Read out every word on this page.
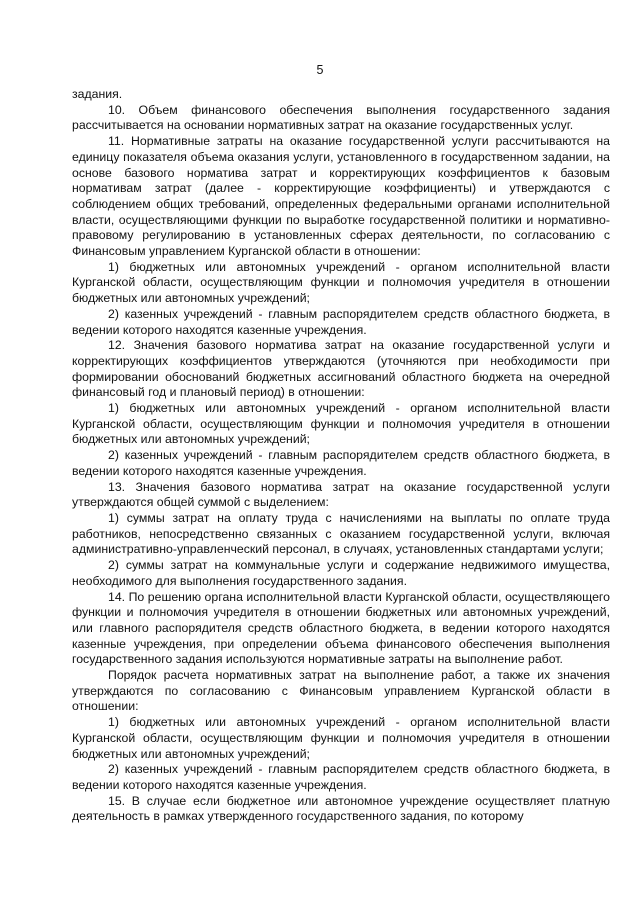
5

задания.

10. Объем финансового обеспечения выполнения государственного задания рассчитывается на основании нормативных затрат на оказание государственных услуг.

11. Нормативные затраты на оказание государственной услуги рассчитываются на единицу показателя объема оказания услуги, установленного в государственном задании, на основе базового норматива затрат и корректирующих коэффициентов к базовым нормативам затрат (далее - корректирующие коэффициенты) и утверждаются с соблюдением общих требований, определенных федеральными органами исполнительной власти, осуществляющими функции по выработке государственной политики и нормативно-правовому регулированию в установленных сферах деятельности, по согласованию с Финансовым управлением Курганской области в отношении:

1) бюджетных или автономных учреждений - органом исполнительной власти Курганской области, осуществляющим функции и полномочия учредителя в отношении бюджетных или автономных учреждений;

2) казенных учреждений - главным распорядителем средств областного бюджета, в ведении которого находятся казенные учреждения.

12. Значения базового норматива затрат на оказание государственной услуги и корректирующих коэффициентов утверждаются (уточняются при необходимости при формировании обоснований бюджетных ассигнований областного бюджета на очередной финансовый год и плановый период) в отношении:

1) бюджетных или автономных учреждений - органом исполнительной власти Курганской области, осуществляющим функции и полномочия учредителя в отношении бюджетных или автономных учреждений;

2) казенных учреждений - главным распорядителем средств областного бюджета, в ведении которого находятся казенные учреждения.

13. Значения базового норматива затрат на оказание государственной услуги утверждаются общей суммой с выделением:

1) суммы затрат на оплату труда с начислениями на выплаты по оплате труда работников, непосредственно связанных с оказанием государственной услуги, включая административно-управленческий персонал, в случаях, установленных стандартами услуги;

2) суммы затрат на коммунальные услуги и содержание недвижимого имущества, необходимого для выполнения государственного задания.

14. По решению органа исполнительной власти Курганской области, осуществляющего функции и полномочия учредителя в отношении бюджетных или автономных учреждений, или главного распорядителя средств областного бюджета, в ведении которого находятся казенные учреждения, при определении объема финансового обеспечения выполнения государственного задания используются нормативные затраты на выполнение работ.

Порядок расчета нормативных затрат на выполнение работ, а также их значения утверждаются по согласованию с Финансовым управлением Курганской области в отношении:

1) бюджетных или автономных учреждений - органом исполнительной власти Курганской области, осуществляющим функции и полномочия учредителя в отношении бюджетных или автономных учреждений;

2) казенных учреждений - главным распорядителем средств областного бюджета, в ведении которого находятся казенные учреждения.

15. В случае если бюджетное или автономное учреждение осуществляет платную деятельность в рамках утвержденного государственного задания, по которому
